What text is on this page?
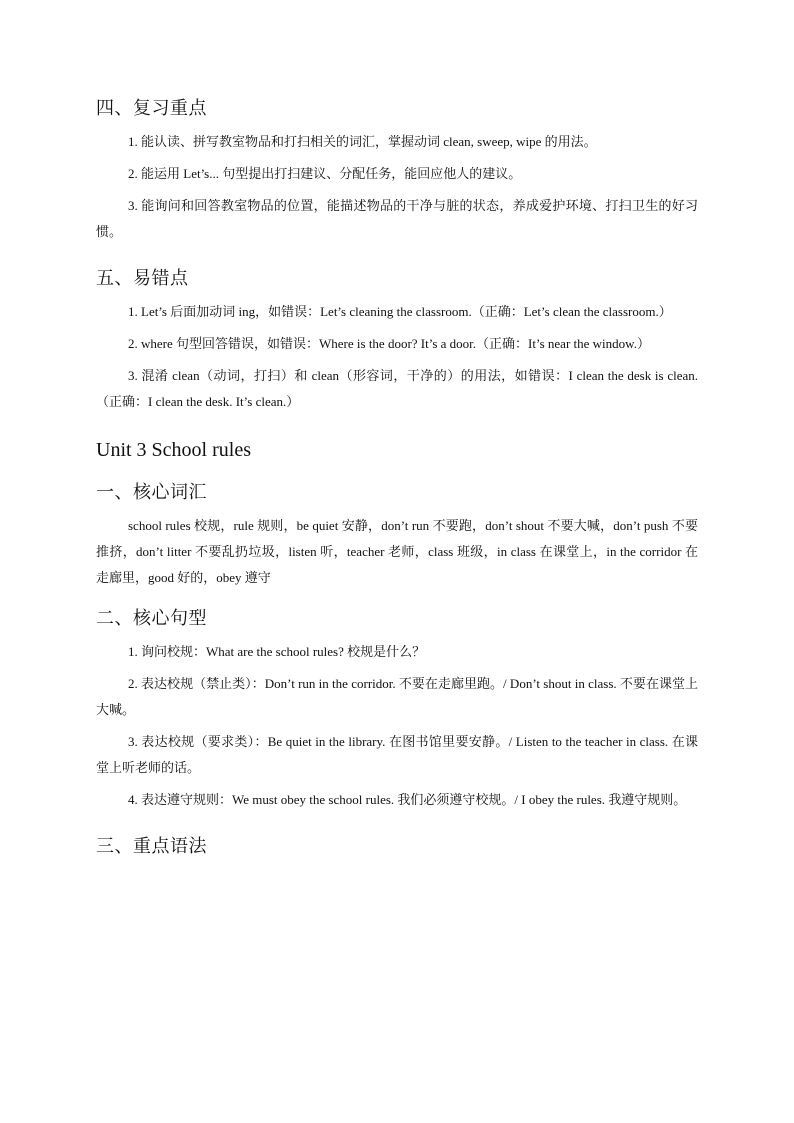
四、复习重点

1. 能认读、拼写教室物品和打扫相关的词汇，掌握动词 clean, sweep, wipe 的用法。

2. 能运用 Let’s... 句型提出打扫建议、分配任务，能回应他人的建议。

3. 能询问和回答教室物品的位置，能描述物品的干净与脏的状态，养成爱护环境、打扫卫生的好习惯。

五、易错点

1. Let’s 后面加动词 ing，如错误：Let’s cleaning the classroom.（正确：Let’s clean the classroom.）

2. where 句型回答错误，如错误：Where is the door? It’s a door.（正确：It’s near the window.）

3. 混淆 clean（动词，打扫）和 clean（形容词，干净的）的用法，如错误：I clean the desk is clean.（正确：I clean the desk. It’s clean.）

Unit 3 School rules
一、核心词汇

school rules 校规，rule 规则，be quiet 安静，don’t run 不要跑，don’t shout 不要大喊，don’t push 不要推挤，don’t litter 不要乱扔垃圾，listen 听，teacher 老师，class 班级，in class 在课堂上，in the corridor 在走廊里，good 好的，obey 遵守

二、核心句型

1. 询问校规：What are the school rules? 校规是什么？

2. 表达校规（禁止类）：Don’t run in the corridor. 不要在走廊里跑。/ Don’t shout in class. 不要在课堂上大喊。

3. 表达校规（要求类）：Be quiet in the library. 在图书馆里要安静。/ Listen to the teacher in class. 在课堂上听老师的话。

4. 表达遵守规则：We must obey the school rules. 我们必须遵守校规。/ I obey the rules. 我遵守规则。

三、重点语法
